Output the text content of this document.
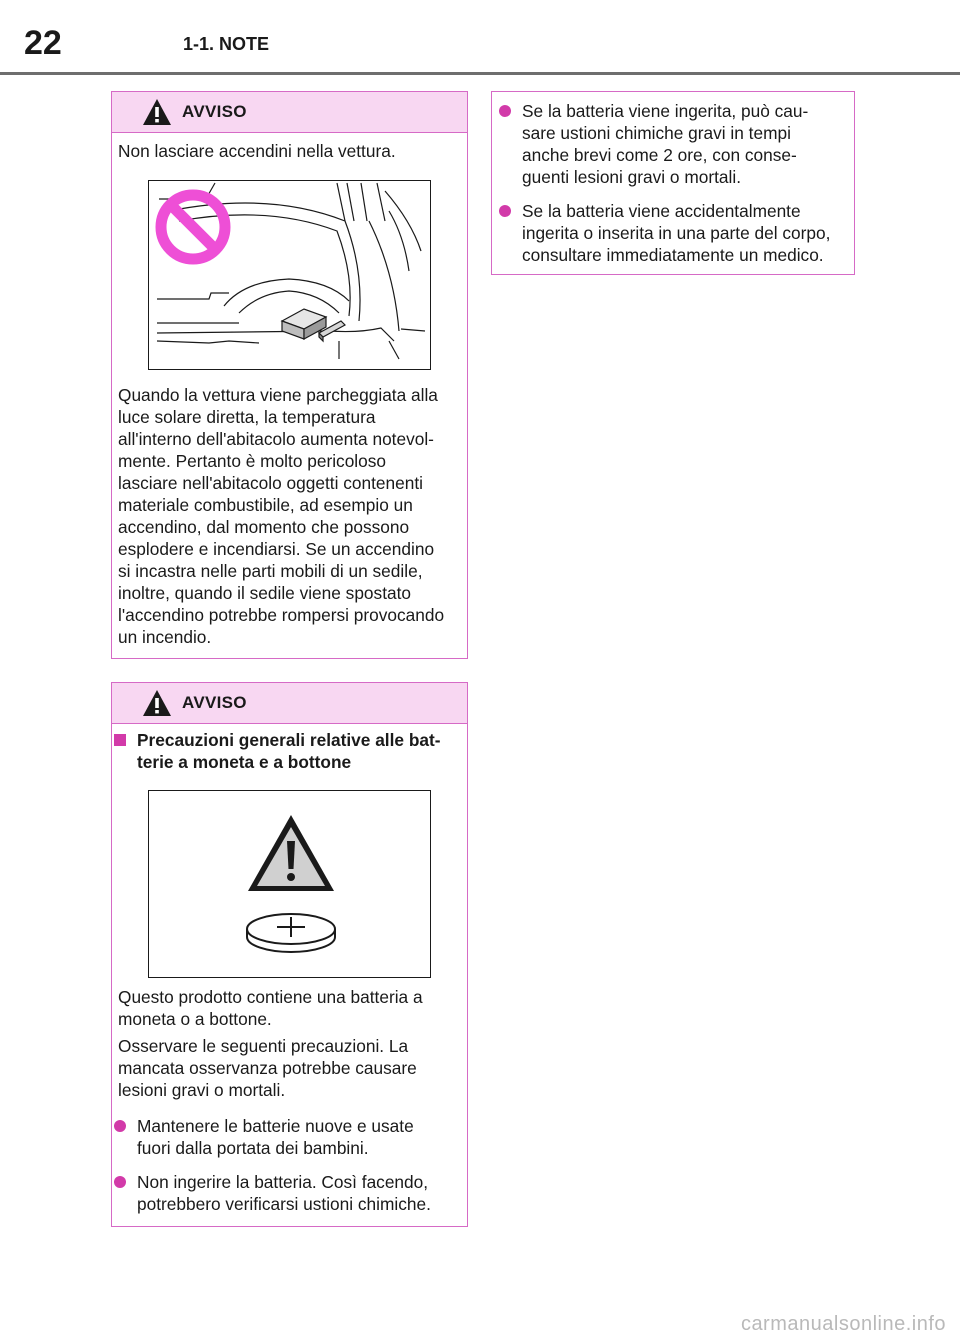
22	1-1. NOTE
AVVISO

Non lasciare accendini nella vettura.

Quando la vettura viene parcheggiata alla

luce solare diretta, la temperatura

all'interno dell'abitacolo aumenta notevol-

mente. Pertanto è molto pericoloso

lasciare nell'abitacolo oggetti contenenti

materiale combustibile, ad esempio un

accendino, dal momento che possono

esplodere e incendiarsi. Se un accendino

si incastra nelle parti mobili di un sedile,

inoltre, quando il sedile viene spostato

l'accendino potrebbe rompersi provocando

un incendio.

AVVISO
Precauzioni generali relative alle bat-
terie a moneta e a bottone

Questo prodotto contiene una batteria a

moneta o a bottone.

Osservare le seguenti precauzioni. La

mancata osservanza potrebbe causare

lesioni gravi o mortali.

Mantenere le batterie nuove e usate
fuori dalla portata dei bambini.
Non ingerire la batteria. Così facendo,
potrebbero verificarsi ustioni chimiche.
Se la batteria viene ingerita, può cau-
sare ustioni chimiche gravi in tempi
anche brevi come 2 ore, con conse-
guenti lesioni gravi o mortali.
Se la batteria viene accidentalmente
ingerita o inserita in una parte del corpo,
consultare immediatamente un medico.
carmanualsonline.info
